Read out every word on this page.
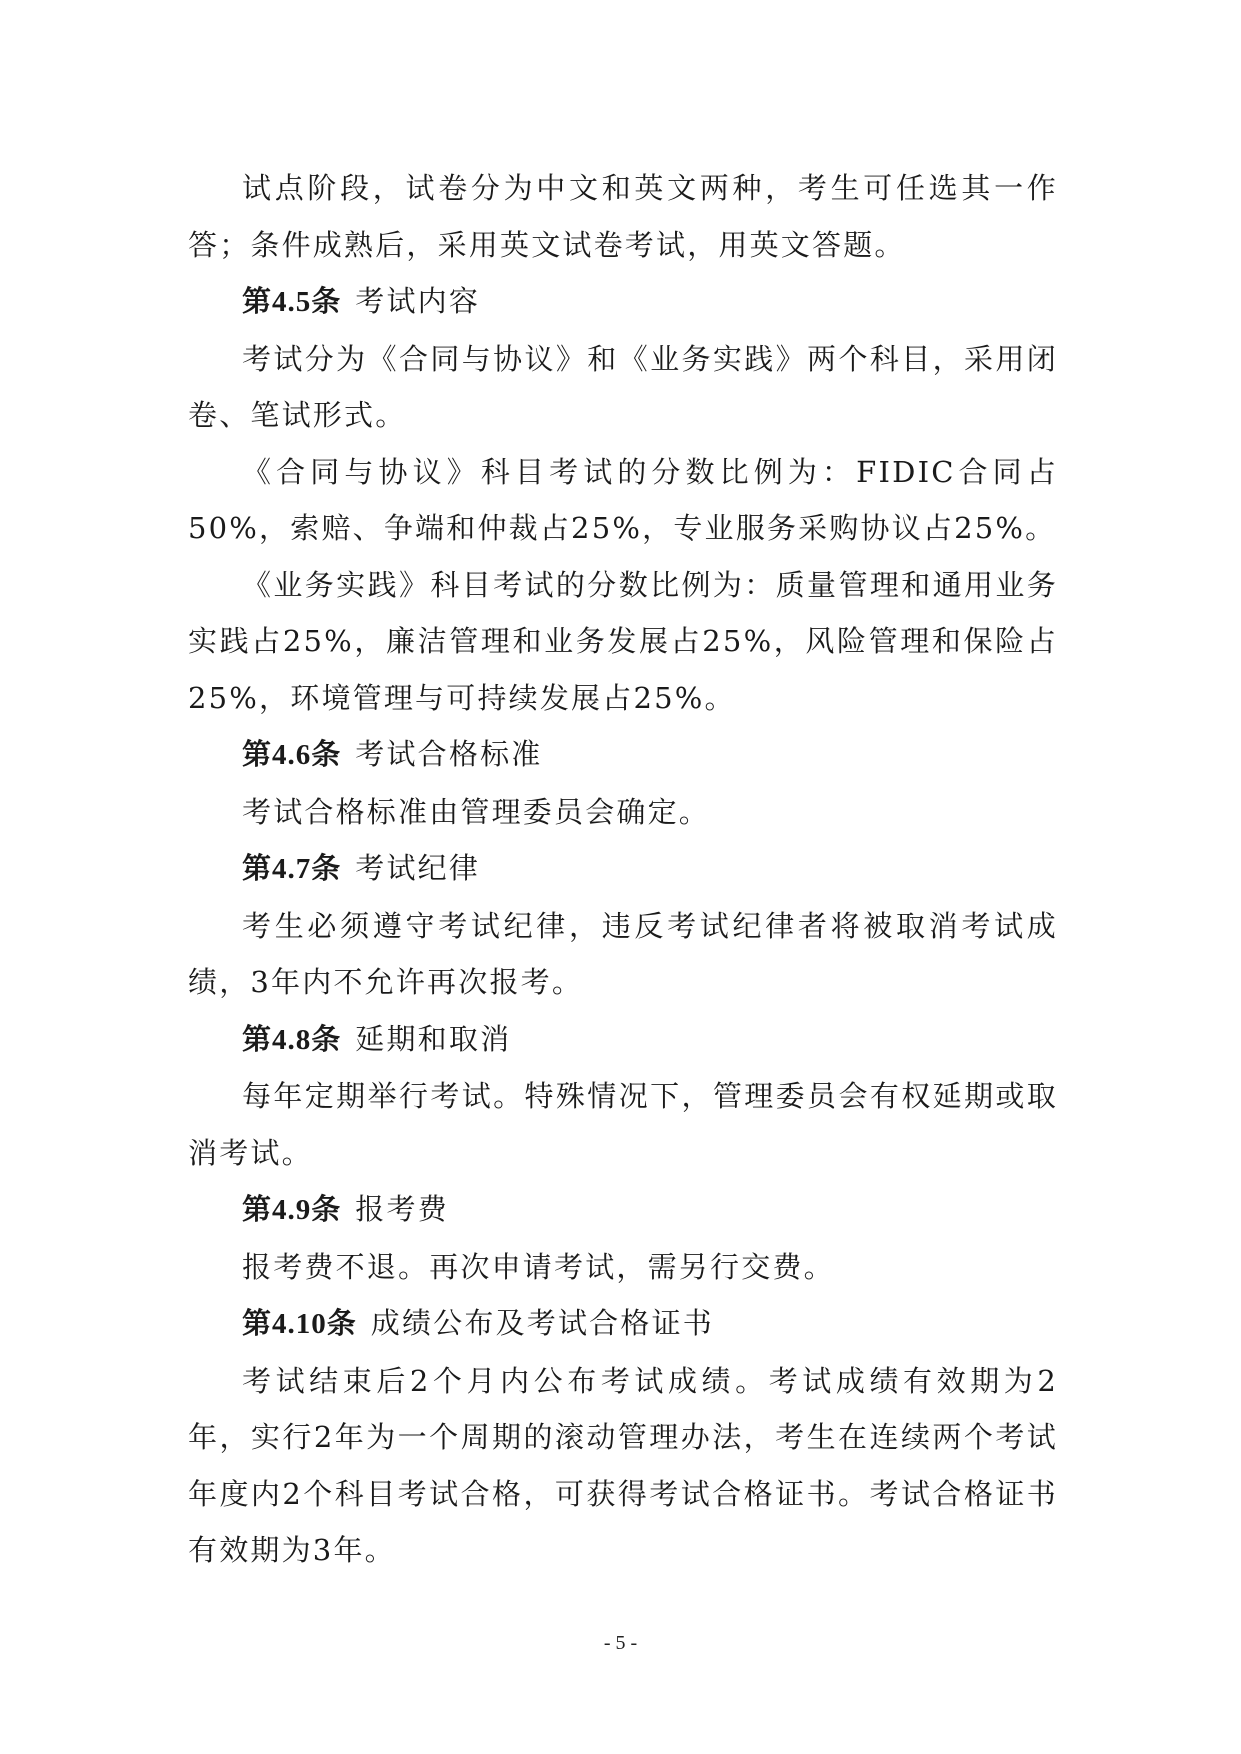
试点阶段，试卷分为中文和英文两种，考生可任选其一作答；条件成熟后，采用英文试卷考试，用英文答题。

第4.5条 考试内容

考试分为《合同与协议》和《业务实践》两个科目，采用闭卷、笔试形式。

《合同与协议》科目考试的分数比例为：FIDIC合同占50%，索赔、争端和仲裁占25%，专业服务采购协议占25%。

《业务实践》科目考试的分数比例为：质量管理和通用业务实践占25%，廉洁管理和业务发展占25%，风险管理和保险占25%，环境管理与可持续发展占25%。

第4.6条 考试合格标准

考试合格标准由管理委员会确定。

第4.7条 考试纪律

考生必须遵守考试纪律，违反考试纪律者将被取消考试成绩，3年内不允许再次报考。

第4.8条 延期和取消

每年定期举行考试。特殊情况下，管理委员会有权延期或取消考试。

第4.9条 报考费

报考费不退。再次申请考试，需另行交费。

第4.10条 成绩公布及考试合格证书

考试结束后2个月内公布考试成绩。考试成绩有效期为2年，实行2年为一个周期的滚动管理办法，考生在连续两个考试年度内2个科目考试合格，可获得考试合格证书。考试合格证书有效期为3年。

- 5 -
